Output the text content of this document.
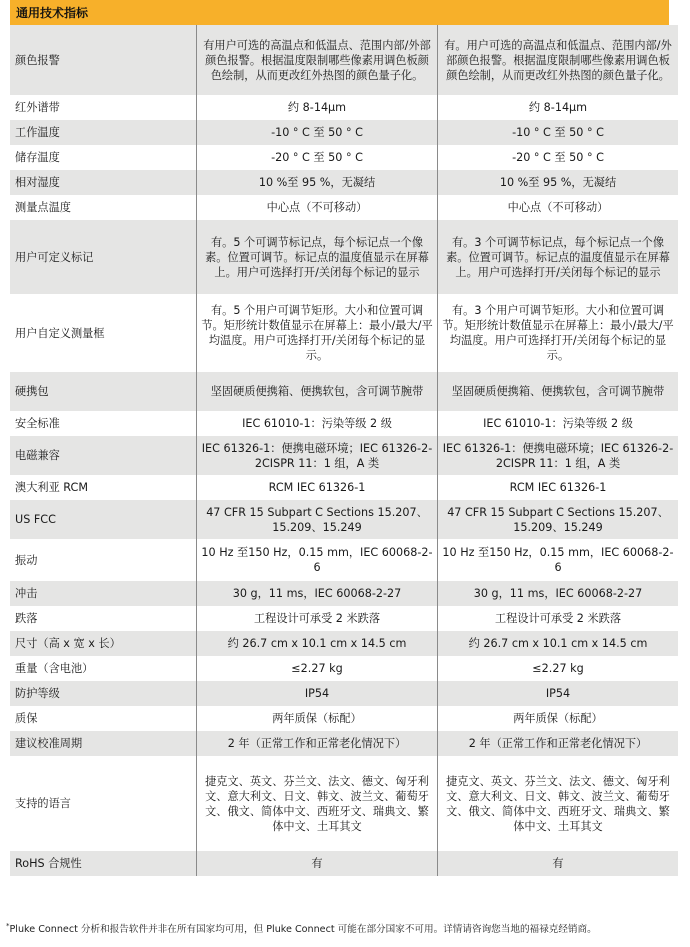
通用技术指标
颜色报警	有用户可选的高温点和低温点、范围内部/外部颜色报警。根据温度限制哪些像素用调色板颜色绘制，从而更改红外热图的颜色量子化。	有。用户可选的高温点和低温点、范围内部/外部颜色报警。根据温度限制哪些像素用调色板颜色绘制，从而更改红外热图的颜色量子化。
红外谱带	约 8-14μm	约 8-14μm
工作温度	-10 ° C 至 50 ° C	-10 ° C 至 50 ° C
储存温度	-20 ° C 至 50 ° C	-20 ° C 至 50 ° C
相对湿度	10 %至 95 %，无凝结	10 %至 95 %，无凝结
测量点温度	中心点（不可移动）	中心点（不可移动）
用户可定义标记	有。5 个可调节标记点，每个标记点一个像素。位置可调节。标记点的温度值显示在屏幕上。用户可选择打开/关闭每个标记的显示	有。3 个可调节标记点，每个标记点一个像素。位置可调节。标记点的温度值显示在屏幕上。用户可选择打开/关闭每个标记的显示
用户自定义测量框	有。5 个用户可调节矩形。大小和位置可调节。矩形统计数值显示在屏幕上：最小/最大/平均温度。用户可选择打开/关闭每个标记的显示。	有。3 个用户可调节矩形。大小和位置可调节。矩形统计数值显示在屏幕上：最小/最大/平均温度。用户可选择打开/关闭每个标记的显示。
硬携包	坚固硬质便携箱、便携软包，含可调节腕带	坚固硬质便携箱、便携软包，含可调节腕带
安全标准	IEC 61010-1：污染等级 2 级	IEC 61010-1：污染等级 2 级
电磁兼容	IEC 61326-1：便携电磁环境；IEC 61326-2-2CISPR 11：1 组，A 类	IEC 61326-1：便携电磁环境；IEC 61326-2-2CISPR 11：1 组，A 类
澳大利亚 RCM	RCM IEC 61326-1	RCM IEC 61326-1
US FCC	47 CFR 15 Subpart C Sections 15.207、15.209、15.249	47 CFR 15 Subpart C Sections 15.207、15.209、15.249
振动	10 Hz 至150 Hz，0.15 mm，IEC 60068-2-6	10 Hz 至150 Hz，0.15 mm，IEC 60068-2-6
冲击	30 g，11 ms，IEC 60068-2-27	30 g，11 ms，IEC 60068-2-27
跌落	工程设计可承受 2 米跌落	工程设计可承受 2 米跌落
尺寸（高 x 宽 x 长）	约 26.7 cm x 10.1 cm x 14.5 cm	约 26.7 cm x 10.1 cm x 14.5 cm
重量（含电池）	≤2.27 kg	≤2.27 kg
防护等级	IP54	IP54
质保	两年质保（标配）	两年质保（标配）
建议校准周期	2 年（正常工作和正常老化情况下）	2 年（正常工作和正常老化情况下）
支持的语言	捷克文、英文、芬兰文、法文、德文、匈牙利文、意大利文、日文、韩文、波兰文、葡萄牙 文、俄文、简体中文、西班牙文、瑞典文、繁体中文、土耳其文	捷克文、英文、芬兰文、法文、德文、匈牙利文、意大利文、日文、韩文、波兰文、葡萄牙 文、俄文、简体中文、西班牙文、瑞典文、繁体中文、土耳其文
RoHS 合规性	有	有
*Pluke Connect 分析和报告软件并非在所有国家均可用，但 Pluke Connect 可能在部分国家不可用。详情请咨询您当地的福禄克经销商。
